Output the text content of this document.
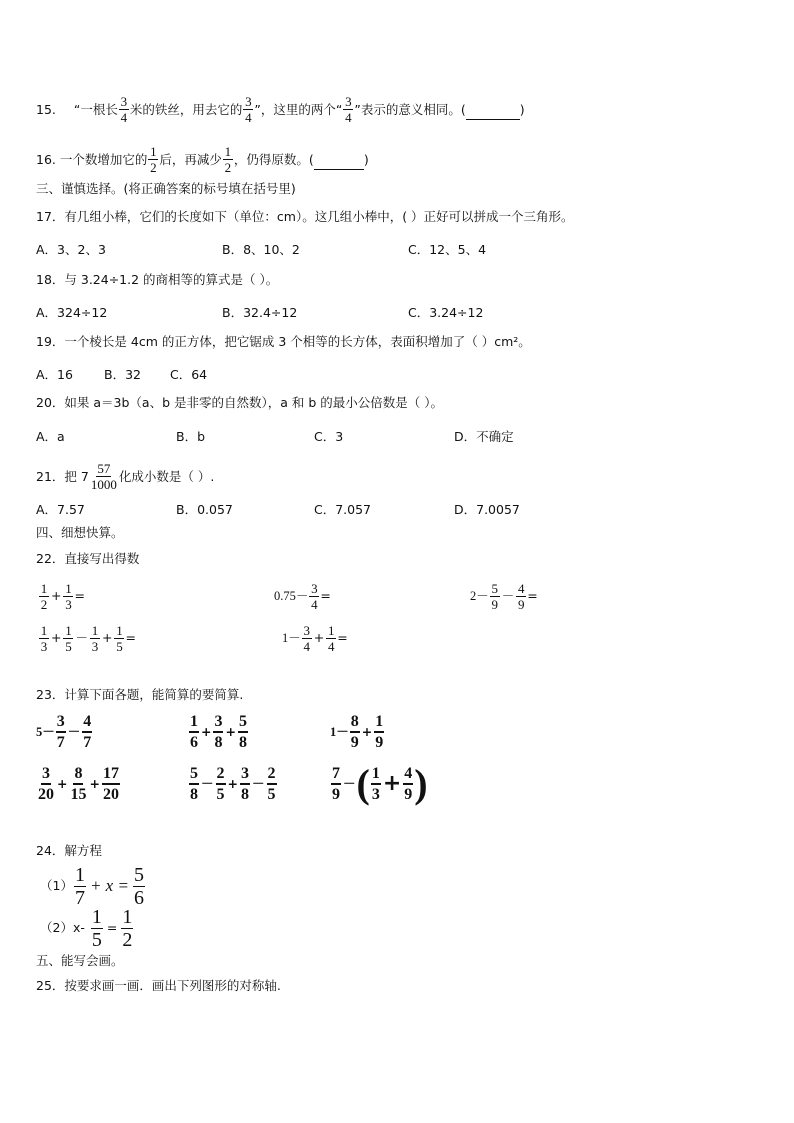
15. “一根长 $\frac{3}{4}$ 米的铁丝，用去它的 $\frac{3}{4}$ ”，这里的两个“ $\frac{3}{4}$ ”表示的意义相同。(
	)
16. 一个数增加它的 $\frac{1}{2}$ 后，再减少 $\frac{1}{2}$ ，仍得原数。(
	)
三、谨慎选择。(将正确答案的标号填在括号里)
17．有几组小棒，它们的长度如下（单位：cm）。这几组小棒中，( ）正好可以拼成一个三角形。
A．3、2、3	B．8、10、2	C．12、5、4
18．与 3.24÷1.2 的商相等的算式是（ ）。
A．324÷12	B．32.4÷12	C．3.24÷12
19．一个棱长是 4cm 的正方体，把它锯成 3 个相等的长方体，表面积增加了（ ）cm²。
A．16 B．32 C．64
20．如果 a＝3b（a、b 是非零的自然数），a 和 b 的最小公倍数是（ ）。
A．a	B．b	C．3	D．不确定
21．把 $7 \frac{57}{1000}$ 化成小数是（ ）.
A．7.57	B．0.057	C．7.057	D．7.0057
四、细想快算。
22．直接写出得数
$\frac{1}{2} + \frac{1}{3}$ =	$0.75- \frac{3}{4}$ =	$2- \frac{5}{9} - \frac{4}{9}$ =
$\frac{1}{3} + \frac{1}{5} - \frac{1}{3} + \frac{1}{5}$ =	$1- \frac{3}{4} + \frac{1}{4}$ =
23．计算下面各题，能简算的要简算.
$5- \frac{3}{7} - \frac{4}{7}$	$\frac{1}{6} + \frac{3}{8} + \frac{5}{8}$	$1- \frac{8}{9} + \frac{1}{9}$
$\frac{3}{20} + \frac{8}{15} + \frac{17}{20}$	$\frac{5}{8} - \frac{2}{5} + \frac{3}{8} - \frac{2}{5}$	$\frac{7}{9}$ － ( $\frac{1}{3} + \frac{4}{9}$ )
24．解方程
$(1) \frac{1}{7} + x = \frac{5}{6}$
$(2)x- \frac{1}{5} = \frac{1}{2}$
五、能写会画。
25．按要求画一画．画出下列图形的对称轴.
